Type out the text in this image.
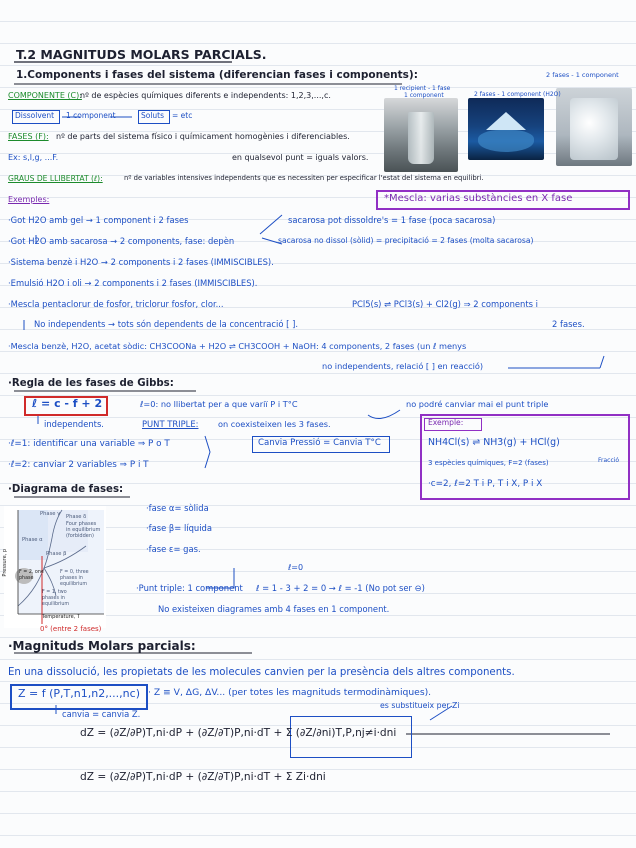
T.2 MAGNITUDS MOLARS PARCIALS.
1.Components i fases del sistema (diferencian fases i components):	2 fases - 1 component
1 recipient - 1 fase
1 component	2 fases - 1 component (H2O)
COMPONENTE (C):
nº de espècies químiques diferents e independents: 1,2,3,...,c.
Dissolvent 1 component	Soluts = etc
FASES (F): nº de parts del sistema físico i químicament homogènies i diferenciables.
Ex: s,l,g, ...F.	en qualsevol punt = iguals valors.
GRAUS DE LLIBERTAT (ℓ):	nº de variables intensives independents que es necessiten per especificar l'estat del sistema en equilibri.
Exemples:	*Mescla: varias substàncies en X fase
·Got H2O amb gel → 1 component i 2 fases	sacarosa pot dissoldre's = 1 fase (poca sacarosa)
·Got H2O amb sacarosa → 2 components, fase: depèn	sacarosa no dissol (sòlid) = precipitació = 2 fases (molta sacarosa)
·Sistema benzè i H2O → 2 components i 2 fases (IMMISCIBLES).
·Emulsió H2O i oli → 2 components i 2 fases (IMMISCIBLES).
·Mescla pentaclorur de fosfor, triclorur fosfor, clor...	PCl5(s) ⇌ PCl3(s) + Cl2(g) ⇒ 2 components i
No independents → tots són dependents de la concentració [ ].	2 fases.
·Mescla benzè, H2O, acetat sòdic: CH3COONa + H2O ⇌ CH3COOH + NaOH: 4 components, 2 fases (un ℓ menys
no independents, relació [ ] en reacció)
·Regla de les fases de Gibbs:
ℓ = c - f + 2
independents.
ℓ=0: no llibertat per a que variï P i T°C	no podré canviar mai el punt triple
PUNT TRIPLE: on coexisteixen les 3 fases.
·ℓ=1: identificar una variable ⇒ P o T
·ℓ=2: canviar 2 variables ⇒ P i T
Canvia Pressió = Canvia T°C
Exemple:
NH4Cl(s) ⇌ NH3(g) + HCl(g)
3 espècies químiques, F=2 (fases)	Fracció
·c=2, ℓ=2 T i P, T i X, P i X
·Diagrama de fases:
Phase γ Phase δ
Four phases
in equilibrium
(forbidden)
Phase α
Phase β
F = 2, one
phase
F = 0, three
phases in
equilibrium
F = 1, two
phases in
equilibrium
Temperature, T
Pressure, p
0° (entre 2 fases)
·fase α= sòlida
·fase β= líquida
·fase ε= gas.
ℓ=0
·Punt triple: 1 component ℓ = 1 - 3 + 2 = 0 → ℓ = -1 (No pot ser ⊖)
No existeixen diagrames amb 4 fases en 1 component.
·Magnituds Molars parcials:
En una dissolució, les propietats de les molecules canvien per la presència dels altres components.
Z = f (P,T,n1,n2,...,nc) · Z ≡ V, ΔG, ΔV... (per totes les magnituds termodinàmiques).
canvia = canvia Z.
es substitueix per Zi
dZ = (∂Z/∂P)T,ni·dP + (∂Z/∂T)P,ni·dT + Σ (∂Z/∂ni)T,P,nj≠i·dni
dZ = (∂Z/∂P)T,ni·dP + (∂Z/∂T)P,ni·dT + Σ Zi·dni
